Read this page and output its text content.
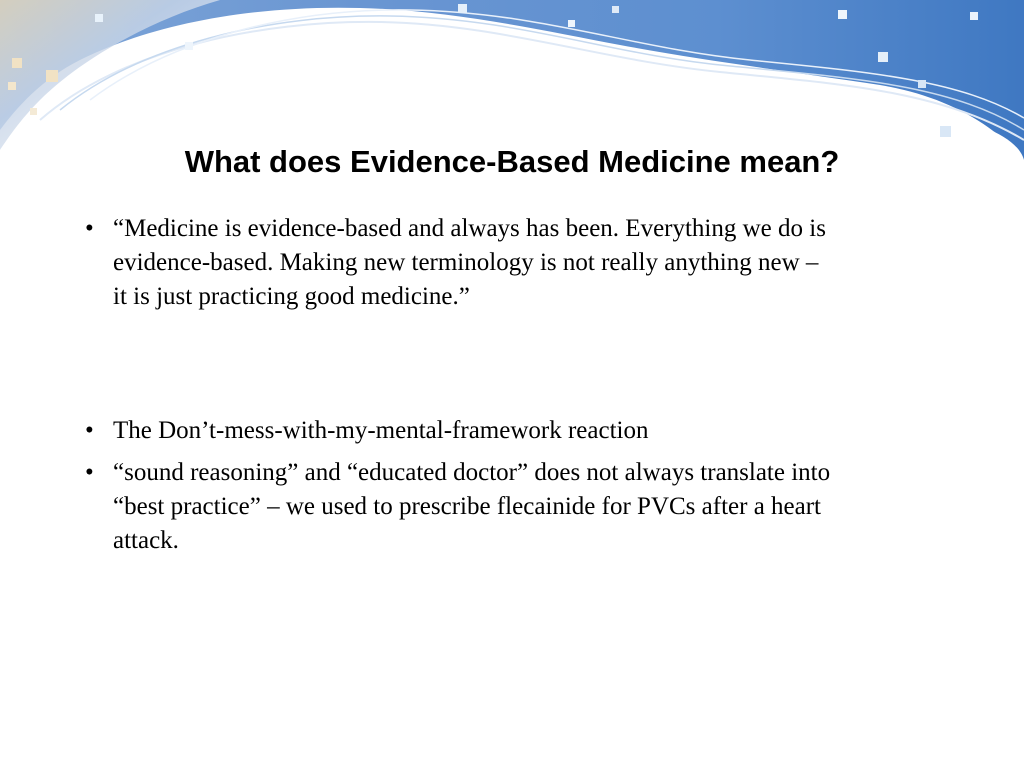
What does Evidence-Based Medicine mean?
• “Medicine is evidence-based and always has been. Everything we do is
evidence-based. Making new terminology is not really anything new –
it is just practicing good medicine.”
• The Don’t-mess-with-my-mental-framework reaction
• “sound reasoning” and “educated doctor” does not always translate into
“best practice” – we used to prescribe flecainide for PVCs after a heart
attack.
